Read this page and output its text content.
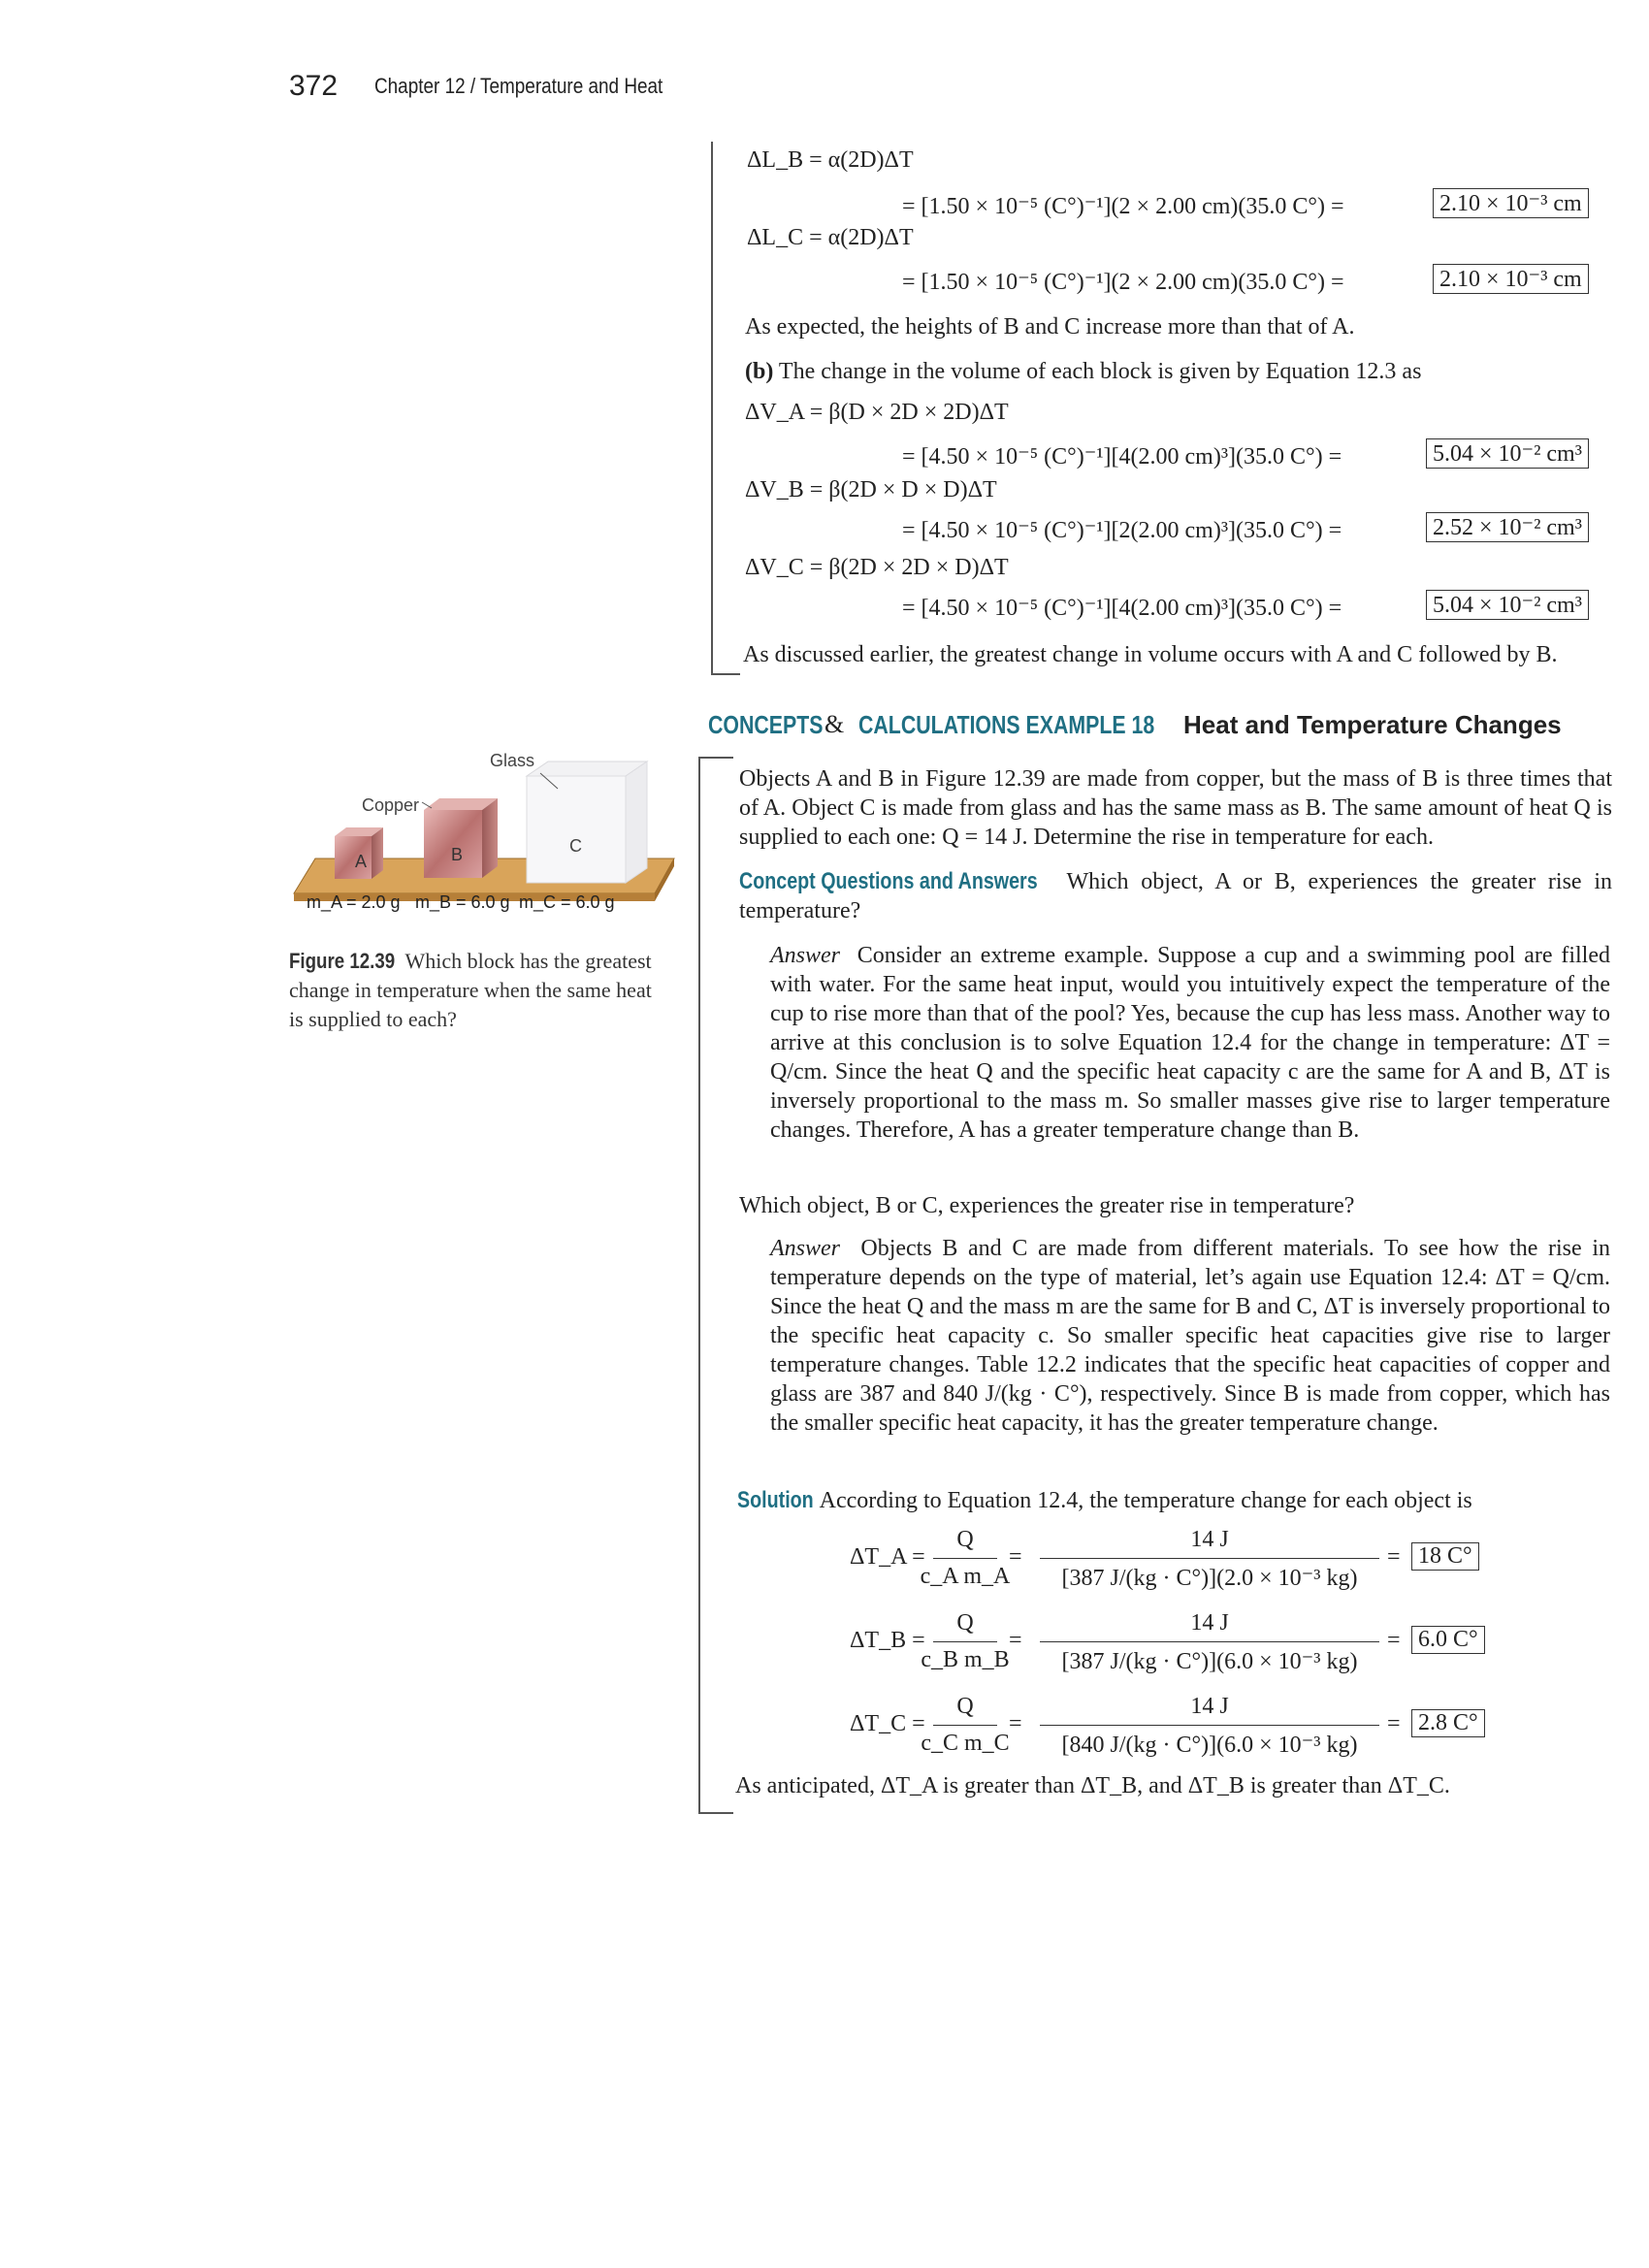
372 Chapter 12 / Temperature and Heat
ΔL_B = α(2D)ΔT
= [1.50 × 10⁻⁵ (C°)⁻¹](2 × 2.00 cm)(35.0 C°) =	2.10 × 10⁻³ cm
ΔL_C = α(2D)ΔT
= [1.50 × 10⁻⁵ (C°)⁻¹](2 × 2.00 cm)(35.0 C°) =	2.10 × 10⁻³ cm
As expected, the heights of B and C increase more than that of A.
(b) The change in the volume of each block is given by Equation 12.3 as
ΔV_A = β(D × 2D × 2D)ΔT
= [4.50 × 10⁻⁵ (C°)⁻¹][4(2.00 cm)³](35.0 C°) =	5.04 × 10⁻² cm³
ΔV_B = β(2D × D × D)ΔT
= [4.50 × 10⁻⁵ (C°)⁻¹][2(2.00 cm)³](35.0 C°) =	2.52 × 10⁻² cm³
ΔV_C = β(2D × 2D × D)ΔT
= [4.50 × 10⁻⁵ (C°)⁻¹][4(2.00 cm)³](35.0 C°) =	5.04 × 10⁻² cm³
As discussed earlier, the greatest change in volume occurs with A and C followed by B.
CONCEPTS & CALCULATIONS EXAMPLE 18 Heat and Temperature Changes
Objects A and B in Figure 12.39 are made from copper, but the mass of B is three times that of A. Object C is made from glass and has the same mass as B. The same amount of heat Q is supplied to each one: Q = 14 J. Determine the rise in temperature for each.
Concept Questions and Answers Which object, A or B, experiences the greater rise in temperature?
Answer Consider an extreme example. Suppose a cup and a swimming pool are filled with water. For the same heat input, would you intuitively expect the temperature of the cup to rise more than that of the pool? Yes, because the cup has less mass. Another way to arrive at this conclusion is to solve Equation 12.4 for the change in temperature: ΔT = Q/cm. Since the heat Q and the specific heat capacity c are the same for A and B, ΔT is inversely proportional to the mass m. So smaller masses give rise to larger temperature changes. Therefore, A has a greater temperature change than B.
Which object, B or C, experiences the greater rise in temperature?
Answer Objects B and C are made from different materials. To see how the rise in temperature depends on the type of material, let’s again use Equation 12.4: ΔT = Q/cm. Since the heat Q and the mass m are the same for B and C, ΔT is inversely proportional to the specific heat capacity c. So smaller specific heat capacities give rise to larger temperature changes. Table 12.2 indicates that the specific heat capacities of copper and glass are 387 and 840 J/(kg · C°), respectively. Since B is made from copper, which has the smaller specific heat capacity, it has the greater temperature change.
Solution According to Equation 12.4, the temperature change for each object is
ΔT_A =
Q
c_A m_A
=
14 J
[387 J/(kg · C°)](2.0 × 10⁻³ kg)
= 18 C°
ΔT_B =
Q
c_B m_B
=
14 J
[387 J/(kg · C°)](6.0 × 10⁻³ kg)
= 6.0 C°
ΔT_C =
Q
c_C m_C
=
14 J
[840 J/(kg · C°)](6.0 × 10⁻³ kg)
= 2.8 C°
As anticipated, ΔT_A is greater than ΔT_B, and ΔT_B is greater than ΔT_C.
Glass
Copper
A	B	C
m_A = 2.0 g m_B = 6.0 g m_C = 6.0 g
Figure 12.39 Which block has the greatest change in temperature when the same heat is supplied to each?
